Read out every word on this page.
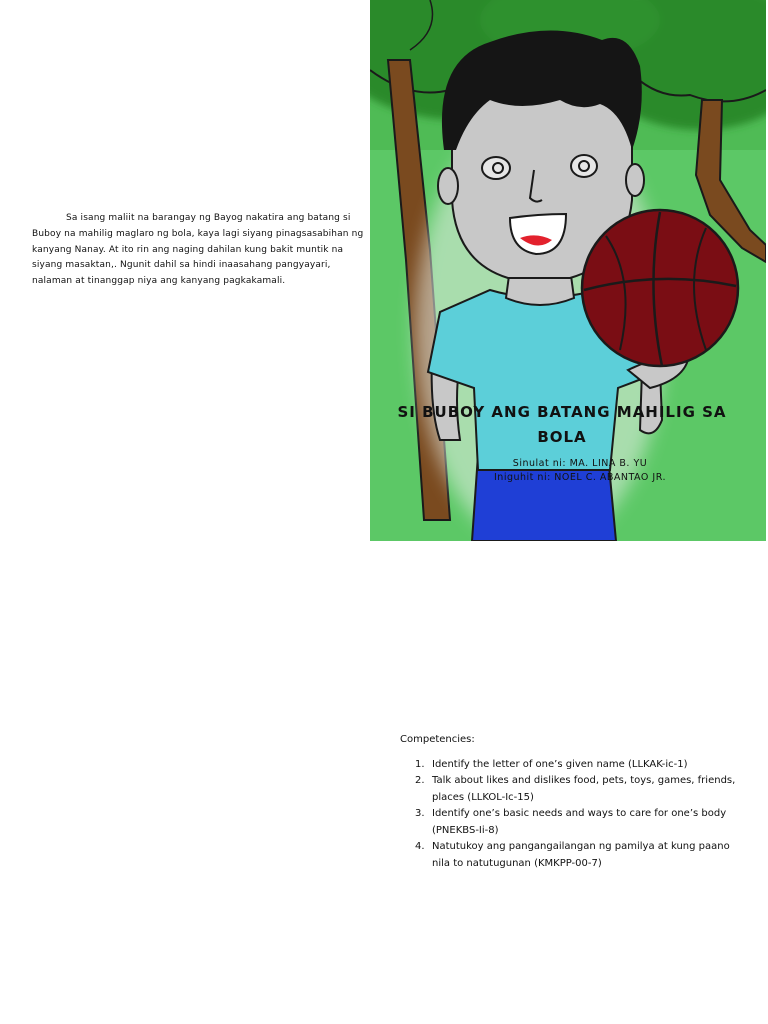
Sa isang maliit na barangay ng Bayog nakatira ang batang si Buboy na mahilig maglaro ng bola, kaya lagi siyang pinagsasabihan ng kanyang Nanay. At ito rin ang naging dahilan kung bakit muntik na siyang masaktan,. Ngunit dahil sa hindi inaasahang pangyayari, nalaman at tinanggap niya ang kanyang pagkakamali.

SI BUBOY ANG BATANG MAHILIG SA BOLA
Sinulat ni: MA. LINA B. YU
Iniguhit ni: NOEL C. ABANTAO JR.

Competencies:

1. Identify the letter of one’s given name (LLKAK-ic-1)
2. Talk about likes and dislikes food, pets, toys, games, friends, places (LLKOL-Ic-15)
3. Identify one’s basic needs and ways to care for one’s body (PNEKBS-Ii-8)
4. Natutukoy ang pangangailangan ng pamilya at kung paano nila to natutugunan (KMKPP-00-7)
